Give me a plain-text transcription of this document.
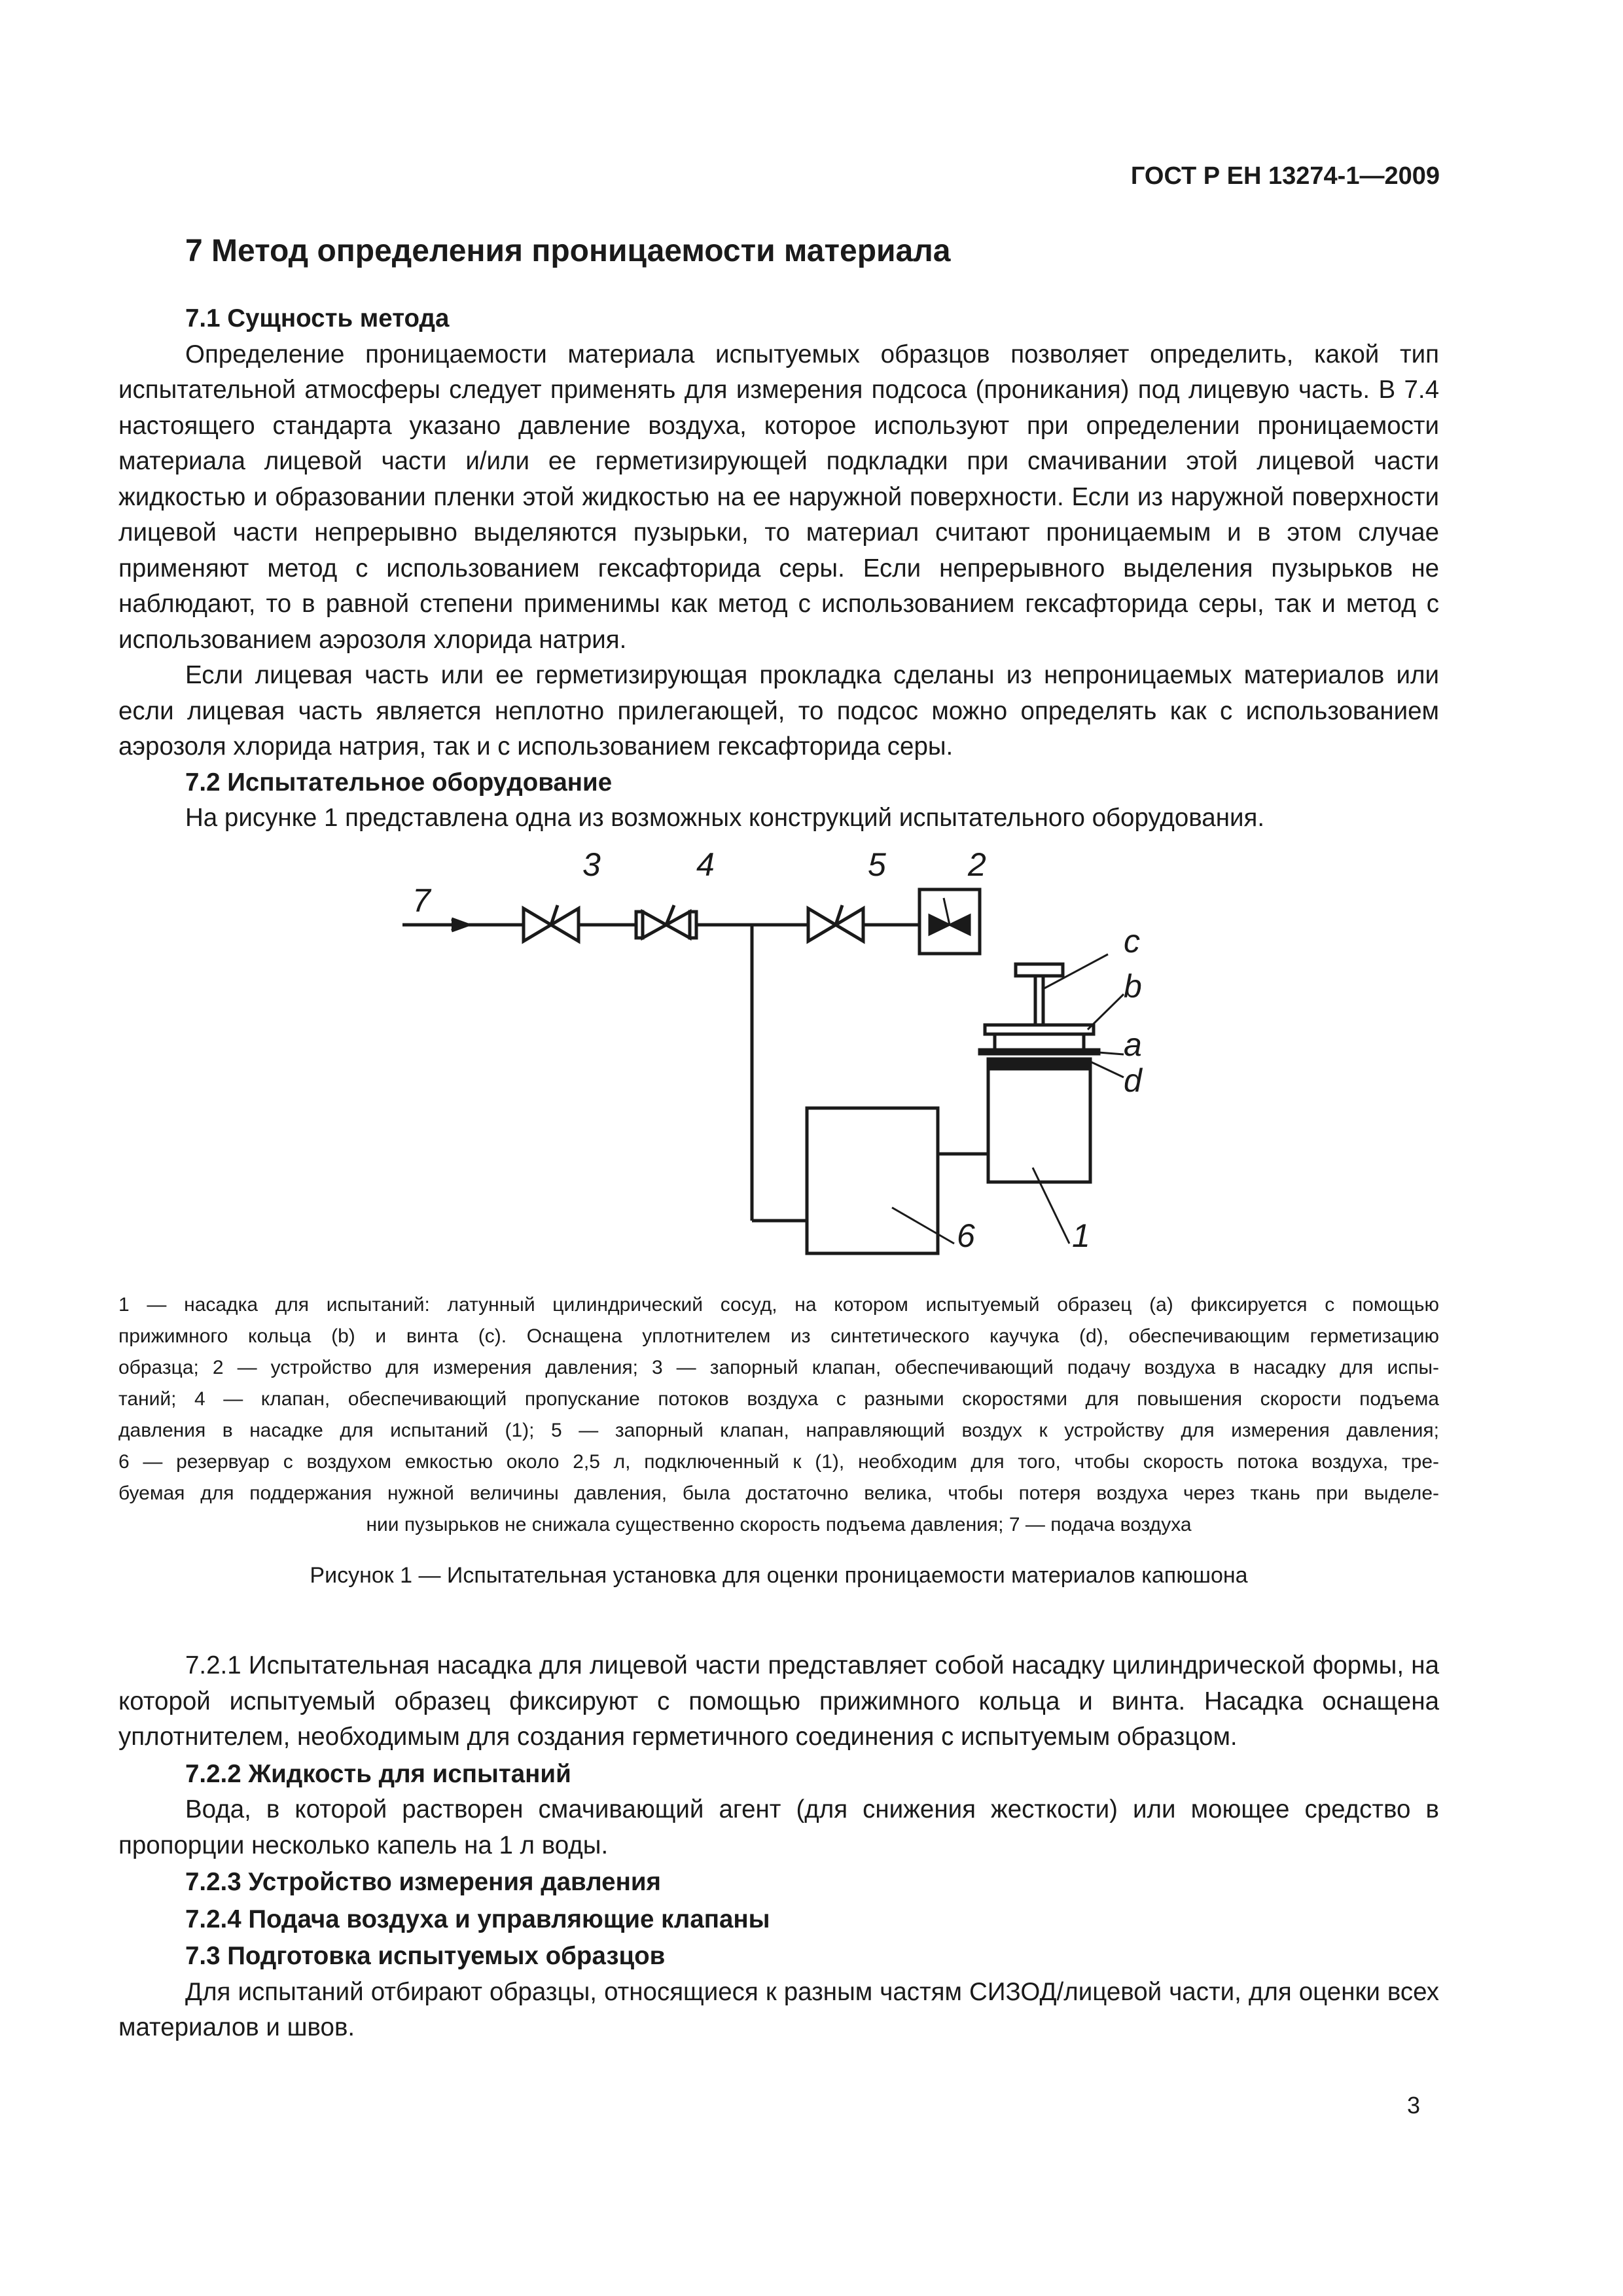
ГОСТ Р ЕН 13274-1—2009
7 Метод определения проницаемости материала

7.1 Сущность метода

Определение проницаемости материала испытуемых образцов позволяет определить, какой тип испытательной атмосферы следует применять для измерения подсоса (проникания) под лицевую часть. В 7.4 настоящего стандарта указано давление воздуха, которое используют при определении проницаемости материала лицевой части и/или ее герметизирующей подкладки при смачивании этой лицевой части жидкостью и образовании пленки этой жидкостью на ее наружной поверхности. Если из наружной поверхности лицевой части непрерывно выделяются пузырьки, то материал считают проницаемым и в этом случае применяют метод с использованием гексафторида серы. Если непрерывного выделения пузырьков не наблюдают, то в равной степени применимы как метод с использованием гексафторида серы, так и метод с использованием аэрозоля хлорида натрия.

Если лицевая часть или ее герметизирующая прокладка сделаны из непроницаемых материалов или если лицевая часть является неплотно прилегающей, то подсос можно определять как с использованием аэрозоля хлорида натрия, так и с использованием гексафторида серы.

7.2 Испытательное оборудование

На рисунке 1 представлена одна из возможных конструкций испытательного оборудования.

3	4	5	2
7
c
b
a
d
6	1

1 — насадка для испытаний: латунный цилиндрический сосуд, на котором испытуемый образец (a) фиксируется с помощью

прижимного кольца (b) и винта (c). Оснащена уплотнителем из синтетического каучука (d), обеспечивающим герметизацию

образца; 2 — устройство для измерения давления; 3 — запорный клапан, обеспечивающий подачу воздуха в насадку для испы-

таний; 4 — клапан, обеспечивающий пропускание потоков воздуха с разными скоростями для повышения скорости подъема

давления в насадке для испытаний (1); 5 — запорный клапан, направляющий воздух к устройству для измерения давления;

6 — резервуар с воздухом емкостью около 2,5 л, подключенный к (1), необходим для того, чтобы скорость потока воздуха, тре-

буемая для поддержания нужной величины давления, была достаточно велика, чтобы потеря воздуха через ткань при выделе-

нии пузырьков не снижала существенно скорость подъема давления; 7 — подача воздуха

Рисунок 1 — Испытательная установка для оценки проницаемости материалов капюшона

7.2.1 Испытательная насадка для лицевой части представляет собой насадку цилиндрической формы, на которой испытуемый образец фиксируют с помощью прижимного кольца и винта. Насадка оснащена уплотнителем, необходимым для создания герметичного соединения с испытуемым образцом.

7.2.2 Жидкость для испытаний

Вода, в которой растворен смачивающий агент (для снижения жесткости) или моющее средство в пропорции несколько капель на 1 л воды.

7.2.3 Устройство измерения давления

7.2.4 Подача воздуха и управляющие клапаны

7.3 Подготовка испытуемых образцов

Для испытаний отбирают образцы, относящиеся к разным частям СИЗОД/лицевой части, для оценки всех материалов и швов.

3
